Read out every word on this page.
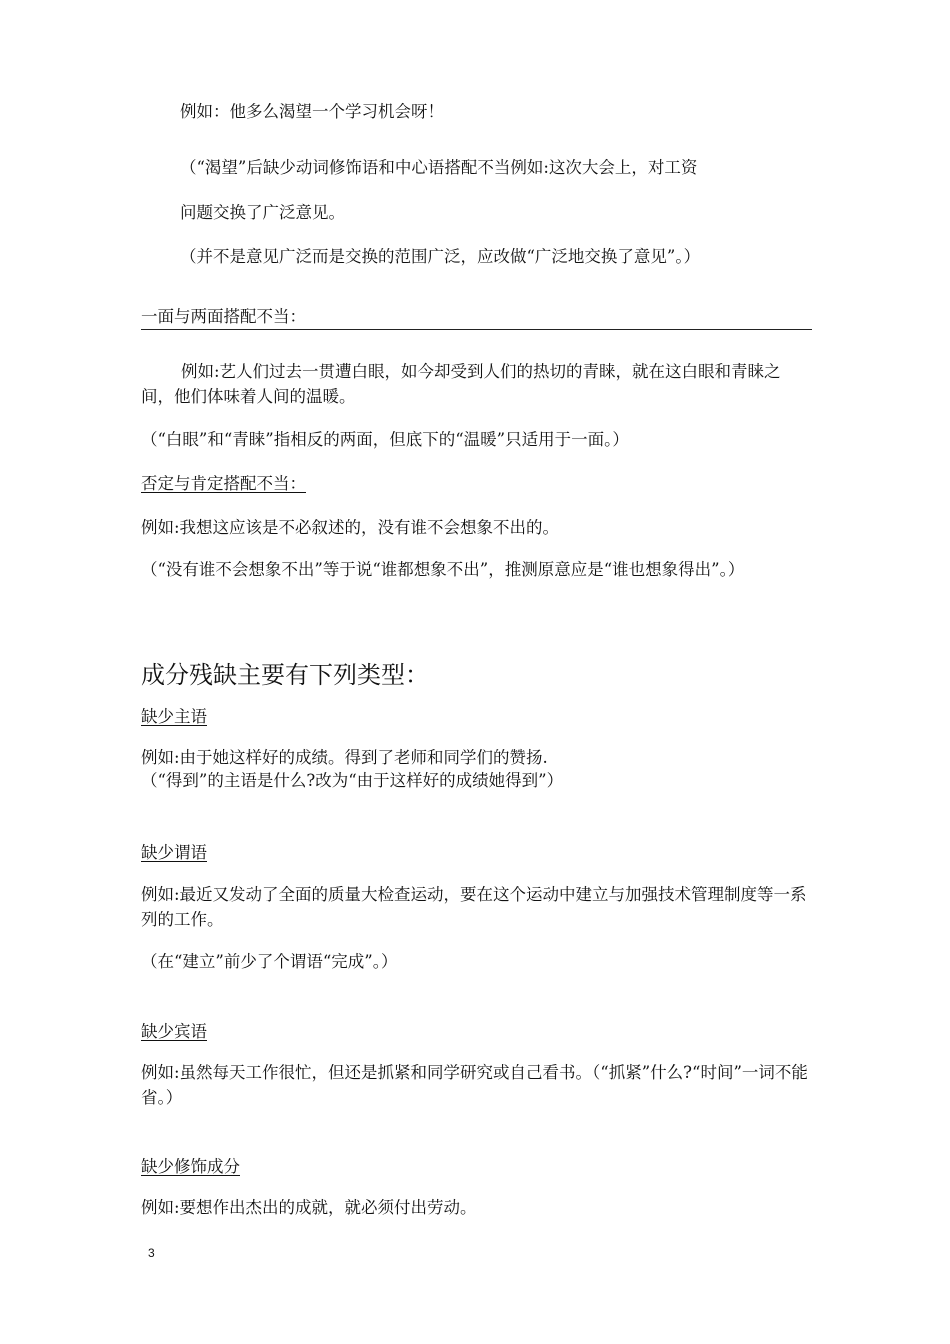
例如：他多么渴望一个学习机会呀！
（“渴望”后缺少动词修饰语和中心语搭配不当例如:这次大会上，对工资
问题交换了广泛意见。
（并不是意见广泛而是交换的范围广泛，应改做“广泛地交换了意见”。）
一面与两面搭配不当：
例如:艺人们过去一贯遭白眼，如今却受到人们的热切的青睐，就在这白眼和青睐之间，他们体味着人间的温暖。
（“白眼”和“青睐”指相反的两面，但底下的“温暖”只适用于一面。）
否定与肯定搭配不当：
例如:我想这应该是不必叙述的，没有谁不会想象不出的。
（“没有谁不会想象不出”等于说“谁都想象不出”，推测原意应是“谁也想象得出”。）
成分残缺主要有下列类型：
缺少主语
例如:由于她这样好的成绩。得到了老师和同学们的赞扬.
（“得到”的主语是什么?改为“由于这样好的成绩她得到”）
缺少谓语
例如:最近又发动了全面的质量大检查运动，要在这个运动中建立与加强技术管理制度等一系列的工作。
（在“建立”前少了个谓语“完成”。）
缺少宾语
例如:虽然每天工作很忙，但还是抓紧和同学研究或自己看书。（“抓紧”什么?“时间”一词不能省。）
缺少修饰成分
例如:要想作出杰出的成就，就必须付出劳动。
3
